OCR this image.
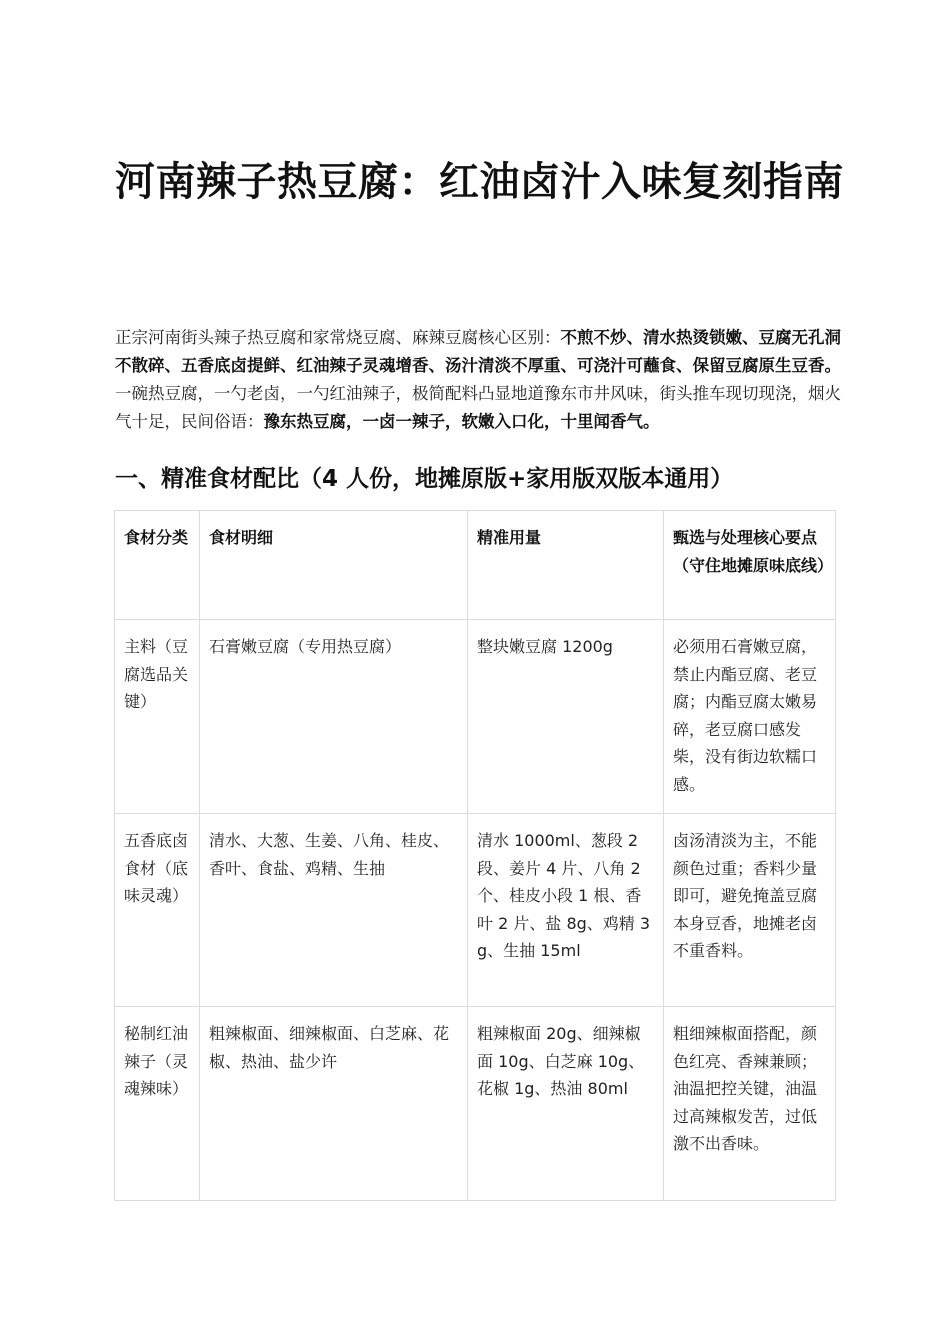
河南辣子热豆腐：红油卤汁入味复刻指南

正宗河南街头辣子热豆腐和家常烧豆腐、麻辣豆腐核心区别：不煎不炒、清水热烫锁嫩、豆腐无孔洞不散碎、五香底卤提鲜、红油辣子灵魂增香、汤汁清淡不厚重、可浇汁可蘸食、保留豆腐原生豆香。一碗热豆腐，一勺老卤，一勺红油辣子，极简配料凸显地道豫东市井风味，街头推车现切现浇，烟火气十足，民间俗语：豫东热豆腐，一卤一辣子，软嫩入口化，十里闻香气。

一、精准食材配比（4 人份，地摊原版+家用版双版本通用）
食材分类	食材明细	精准用量	甄选与处理核心要点（守住地摊原味底线）
主料（豆腐选品关键）	石膏嫩豆腐（专用热豆腐）	整块嫩豆腐 1200g	必须用石膏嫩豆腐，禁止内酯豆腐、老豆腐；内酯豆腐太嫩易碎，老豆腐口感发柴，没有街边软糯口感。
五香底卤食材（底味灵魂）	清水、大葱、生姜、八角、桂皮、香叶、食盐、鸡精、生抽	清水 1000ml、葱段 2 段、姜片 4 片、八角 2 个、桂皮小段 1 根、香叶 2 片、盐 8g、鸡精 3g、生抽 15ml	卤汤清淡为主，不能颜色过重；香料少量即可，避免掩盖豆腐本身豆香，地摊老卤不重香料。
秘制红油辣子（灵魂辣味）	粗辣椒面、细辣椒面、白芝麻、花椒、热油、盐少许	粗辣椒面 20g、细辣椒面 10g、白芝麻 10g、花椒 1g、热油 80ml	粗细辣椒面搭配，颜色红亮、香辣兼顾；油温把控关键，油温过高辣椒发苦，过低激不出香味。
